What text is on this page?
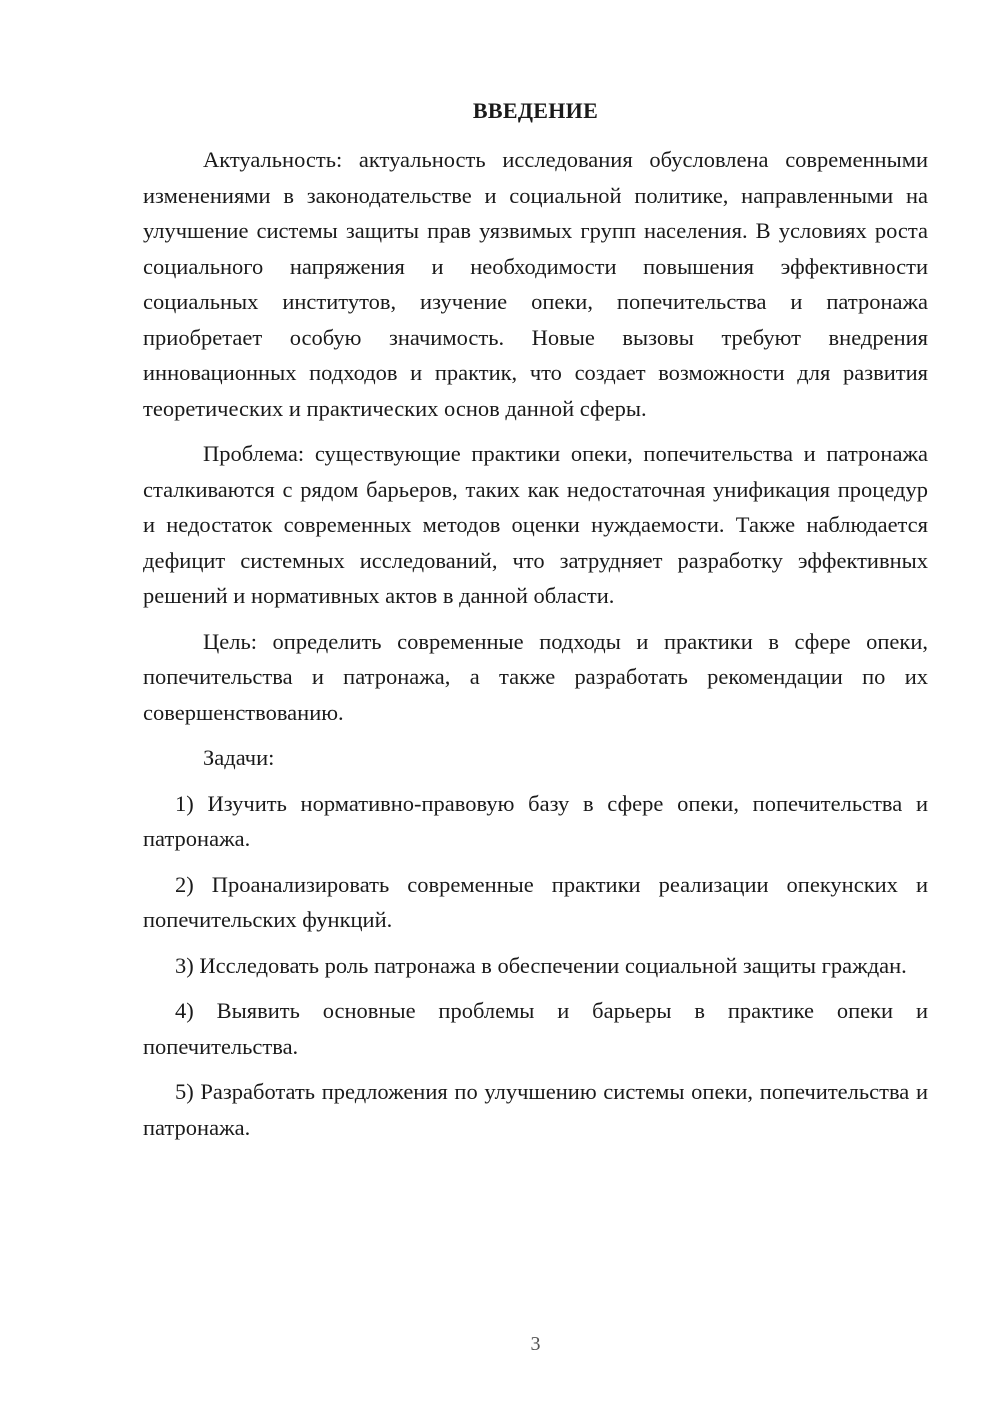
ВВЕДЕНИЕ

Актуальность: актуальность исследования обусловлена современными изменениями в законодательстве и социальной политике, направленными на улучшение системы защиты прав уязвимых групп населения. В условиях роста социального напряжения и необходимости повышения эффективности социальных институтов, изучение опеки, попечительства и патронажа приобретает особую значимость. Новые вызовы требуют внедрения инновационных подходов и практик, что создает возможности для развития теоретических и практических основ данной сферы.

Проблема: существующие практики опеки, попечительства и патронажа сталкиваются с рядом барьеров, таких как недостаточная унификация процедур и недостаток современных методов оценки нуждаемости. Также наблюдается дефицит системных исследований, что затрудняет разработку эффективных решений и нормативных актов в данной области.

Цель: определить современные подходы и практики в сфере опеки, попечительства и патронажа, а также разработать рекомендации по их совершенствованию.

Задачи:

1) Изучить нормативно-правовую базу в сфере опеки, попечительства и патронажа.

2) Проанализировать современные практики реализации опекунских и попечительских функций.

3) Исследовать роль патронажа в обеспечении социальной защиты граждан.

4) Выявить основные проблемы и барьеры в практике опеки и попечительства.

5) Разработать предложения по улучшению системы опеки, попечительства и патронажа.

3
